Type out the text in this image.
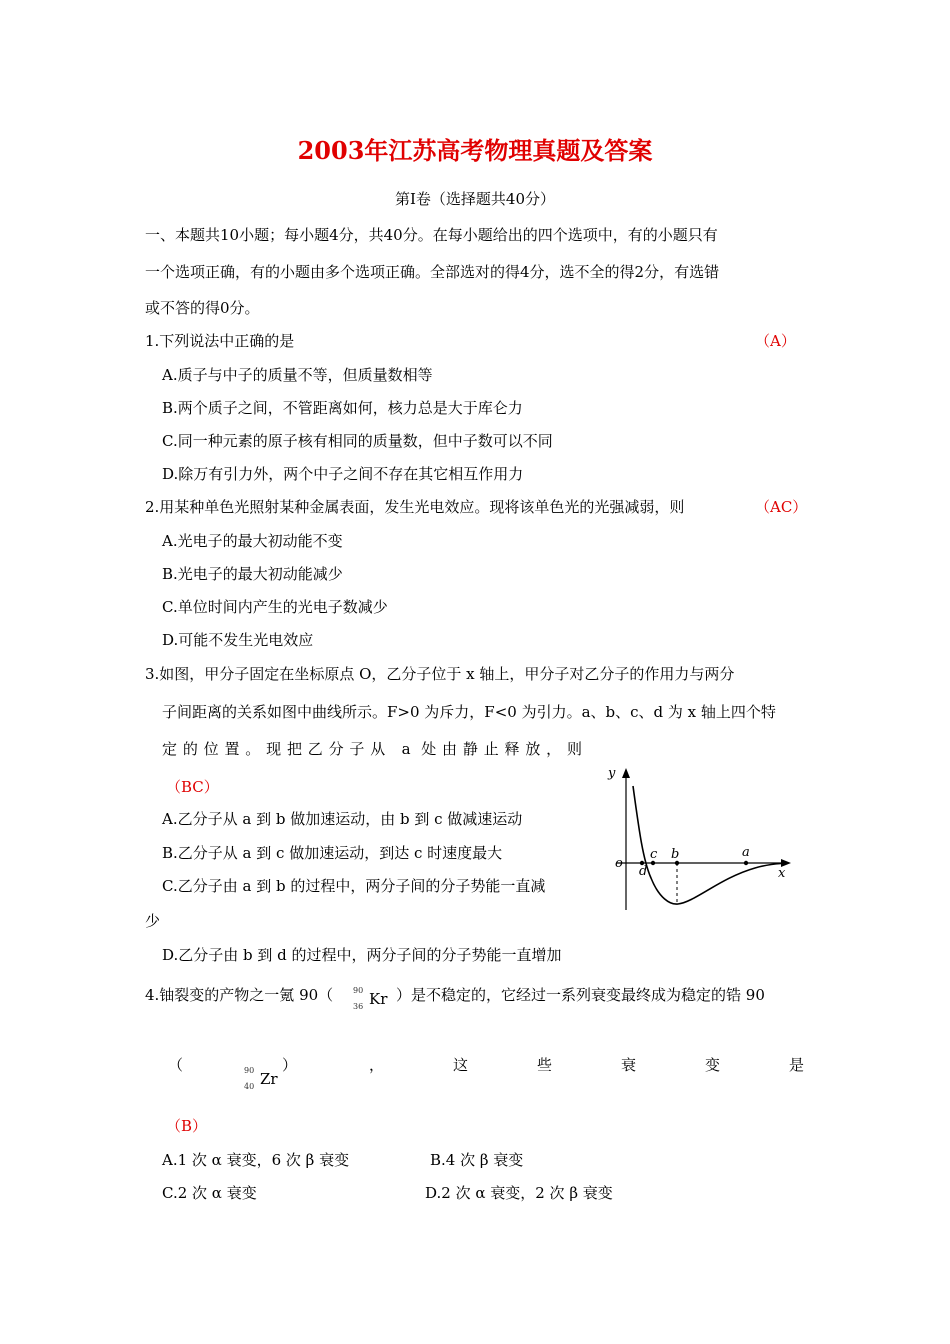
2003年江苏高考物理真题及答案
第Ⅰ卷（选择题共40分）
一、本题共10小题；每小题4分，共40分。在每小题给出的四个选项中，有的小题只有
一个选项正确，有的小题由多个选项正确。全部选对的得4分，选不全的得2分，有选错
或不答的得0分。
1.下列说法中正确的是	（A）
A.质子与中子的质量不等，但质量数相等
B.两个质子之间，不管距离如何，核力总是大于库仑力
C.同一种元素的原子核有相同的质量数，但中子数可以不同
D.除万有引力外，两个中子之间不存在其它相互作用力
2.用某种单色光照射某种金属表面，发生光电效应。现将该单色光的光强减弱，则	（AC）
A.光电子的最大初动能不变
B.光电子的最大初动能减少
C.单位时间内产生的光电子数减少
D.可能不发生光电效应
3.如图，甲分子固定在坐标原点 O，乙分子位于 x 轴上，甲分子对乙分子的作用力与两分
子间距离的关系如图中曲线所示。F>0 为斥力，F<0 为引力。a、b、c、d 为 x 轴上四个特
定的位置。现把乙分子从 a 处由静止释放，则
（BC）
A.乙分子从 a 到 b 做加速运动，由 b 到 c 做减速运动
B.乙分子从 a 到 c 做加速运动，到达 c 时速度最大
C.乙分子由 a 到 b 的过程中，两分子间的分子势能一直减
少
D.乙分子由 b 到 d 的过程中，两分子间的分子势能一直增加
y
x
o
c
d
b	a
4.铀裂变的产物之一氪 90（ 90
36 Kr ）是不稳定的，它经过一系列衰变最终成为稳定的锆 90
90
40 Zr
（	）	，	这	些	衰	变	是
（B）
A.1 次 α 衰变，6 次 β 衰变	B.4 次 β 衰变
C.2 次 α 衰变	D.2 次 α 衰变，2 次 β 衰变
